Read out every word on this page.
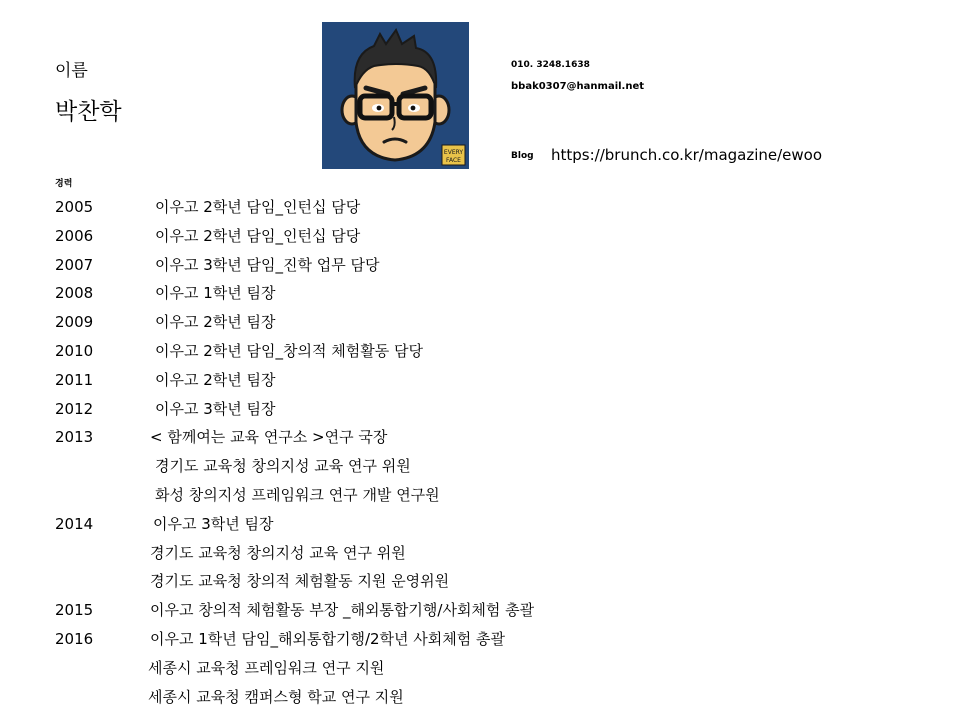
이름
박찬학
EVERY
FACE
010. 3248.1638
bbak0307@hanmail.net
Blog https://brunch.co.kr/magazine/ewoo
경력
2005	이우고 2학년 담임_인턴십 담당
2006	이우고 2학년 담임_인턴십 담당
2007	이우고 3학년 담임_진학 업무 담당
2008	이우고 1학년 팀장
2009	이우고 2학년 팀장
2010	이우고 2학년 담임_창의적 체험활동 담당
2011	이우고 2학년 팀장
2012	이우고 3학년 팀장
2013	< 함께여는 교육 연구소 >연구 국장
경기도 교육청 창의지성 교육 연구 위원
화성 창의지성 프레임워크 연구 개발 연구원
2014	이우고 3학년 팀장
경기도 교육청 창의지성 교육 연구 위원
경기도 교육청 창의적 체험활동 지원 운영위원
2015	이우고 창의적 체험활동 부장 _해외통합기행/사회체험 총괄
2016	이우고 1학년 담임_해외통합기행/2학년 사회체험 총괄
세종시 교육청 프레임워크 연구 지원
세종시 교육청 캠퍼스형 학교 연구 지원
